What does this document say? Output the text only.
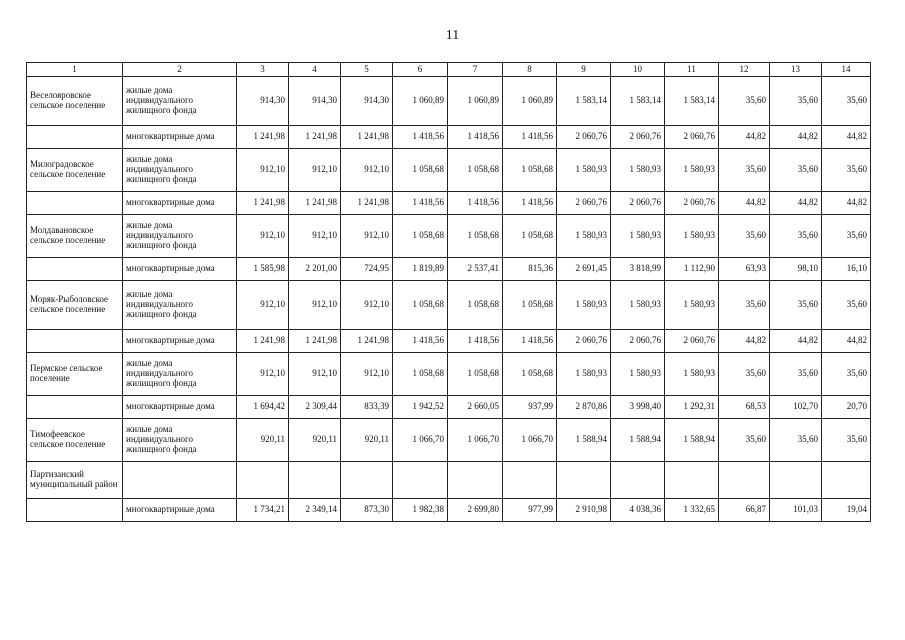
11
1	2	3	4	5	6	7	8	9	10	11	12	13	14
Веселояровское сельское поселение	жилые дома индивидуального жилищного фонда	914,30	914,30	914,30	1 060,89	1 060,89	1 060,89	1 583,14	1 583,14	1 583,14	35,60	35,60	35,60
	многоквартирные дома	1 241,98	1 241,98	1 241,98	1 418,56	1 418,56	1 418,56	2 060,76	2 060,76	2 060,76	44,82	44,82	44,82
Милоградовское сельское поселение	жилые дома индивидуального жилищного фонда	912,10	912,10	912,10	1 058,68	1 058,68	1 058,68	1 580,93	1 580,93	1 580,93	35,60	35,60	35,60
	многоквартирные дома	1 241,98	1 241,98	1 241,98	1 418,56	1 418,56	1 418,56	2 060,76	2 060,76	2 060,76	44,82	44,82	44,82
Молдавановское сельское поселение	жилые дома индивидуального жилищного фонда	912,10	912,10	912,10	1 058,68	1 058,68	1 058,68	1 580,93	1 580,93	1 580,93	35,60	35,60	35,60
	многоквартирные дома	1 585,98	2 201,00	724,95	1 819,89	2 537,41	815,36	2 691,45	3 818,99	1 112,90	63,93	98,10	16,10
Моряк-Рыболовское сельское поселение	жилые дома индивидуального жилищного фонда	912,10	912,10	912,10	1 058,68	1 058,68	1 058,68	1 580,93	1 580,93	1 580,93	35,60	35,60	35,60
	многоквартирные дома	1 241,98	1 241,98	1 241,98	1 418,56	1 418,56	1 418,56	2 060,76	2 060,76	2 060,76	44,82	44,82	44,82
Пермское сельское поселение	жилые дома индивидуального жилищного фонда	912,10	912,10	912,10	1 058,68	1 058,68	1 058,68	1 580,93	1 580,93	1 580,93	35,60	35,60	35,60
	многоквартирные дома	1 694,42	2 309,44	833,39	1 942,52	2 660,05	937,99	2 870,86	3 998,40	1 292,31	68,53	102,70	20,70
Тимофеевское сельское поселение	жилые дома индивидуального жилищного фонда	920,11	920,11	920,11	1 066,70	1 066,70	1 066,70	1 588,94	1 588,94	1 588,94	35,60	35,60	35,60
Партизанский муниципальный район													
	многоквартирные дома	1 734,21	2 349,14	873,30	1 982,38	2 699,80	977,99	2 910,98	4 038,36	1 332,65	66,87	101,03	19,04
